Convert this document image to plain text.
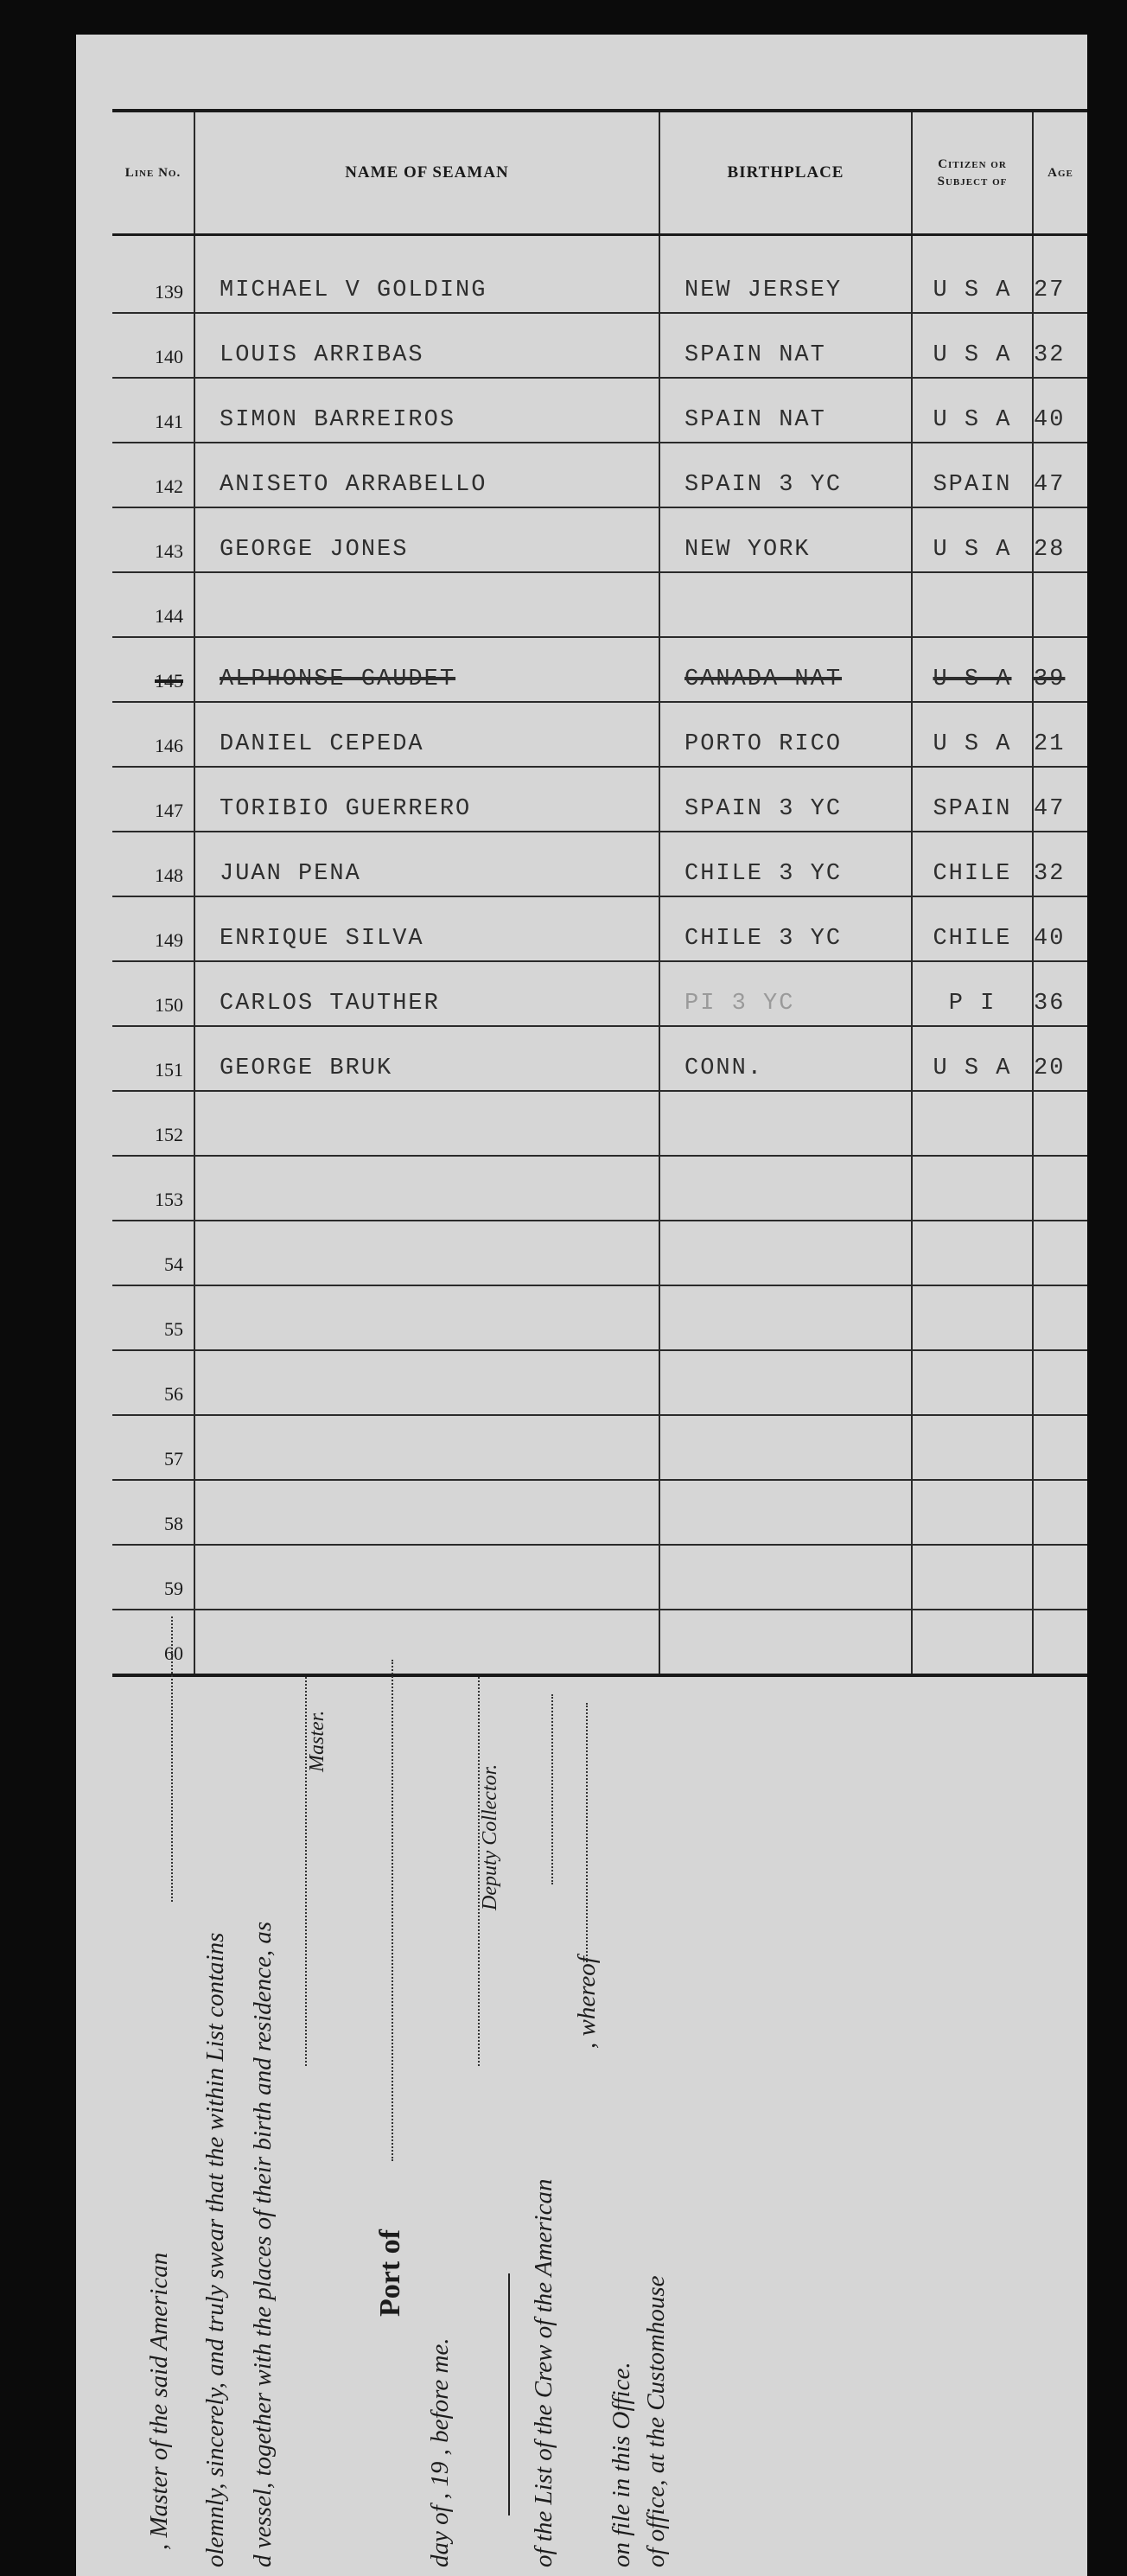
Line No.	NAME OF SEAMAN	BIRTHPLACE	Citizen or Subject of	Age
139	MICHAEL V GOLDING	NEW JERSEY	U S A	27
140	LOUIS ARRIBAS	SPAIN NAT	U S A	32
141	SIMON BARREIROS	SPAIN NAT	U S A	40
142	ANISETO ARRABELLO	SPAIN 3 YC	SPAIN	47
143	GEORGE JONES	NEW YORK	U S A	28
144				
145	ALPHONSE GAUDET	CANADA NAT	U S A	39
146	DANIEL CEPEDA	PORTO RICO	U S A	21
147	TORIBIO GUERRERO	SPAIN 3 YC	SPAIN	47
148	JUAN PENA	CHILE 3 YC	CHILE	32
149	ENRIQUE SILVA	CHILE 3 YC	CHILE	40
150	CARLOS TAUTHER	PI 3 YC	P I	36
151	GEORGE BRUK	CONN.	U S A	20
152				
153				
54				
55				
56				
57				
58				
59				
60				
, Master of the said American olemnly, sincerely, and truly swear that the within List contains d vessel, together with the places of their birth and residence, as
Master.
Port of
day of , 19 , before me.
Deputy Collector.
of the List of the Crew of the American
, whereof
on file in this Office. of office, at the Customhouse
